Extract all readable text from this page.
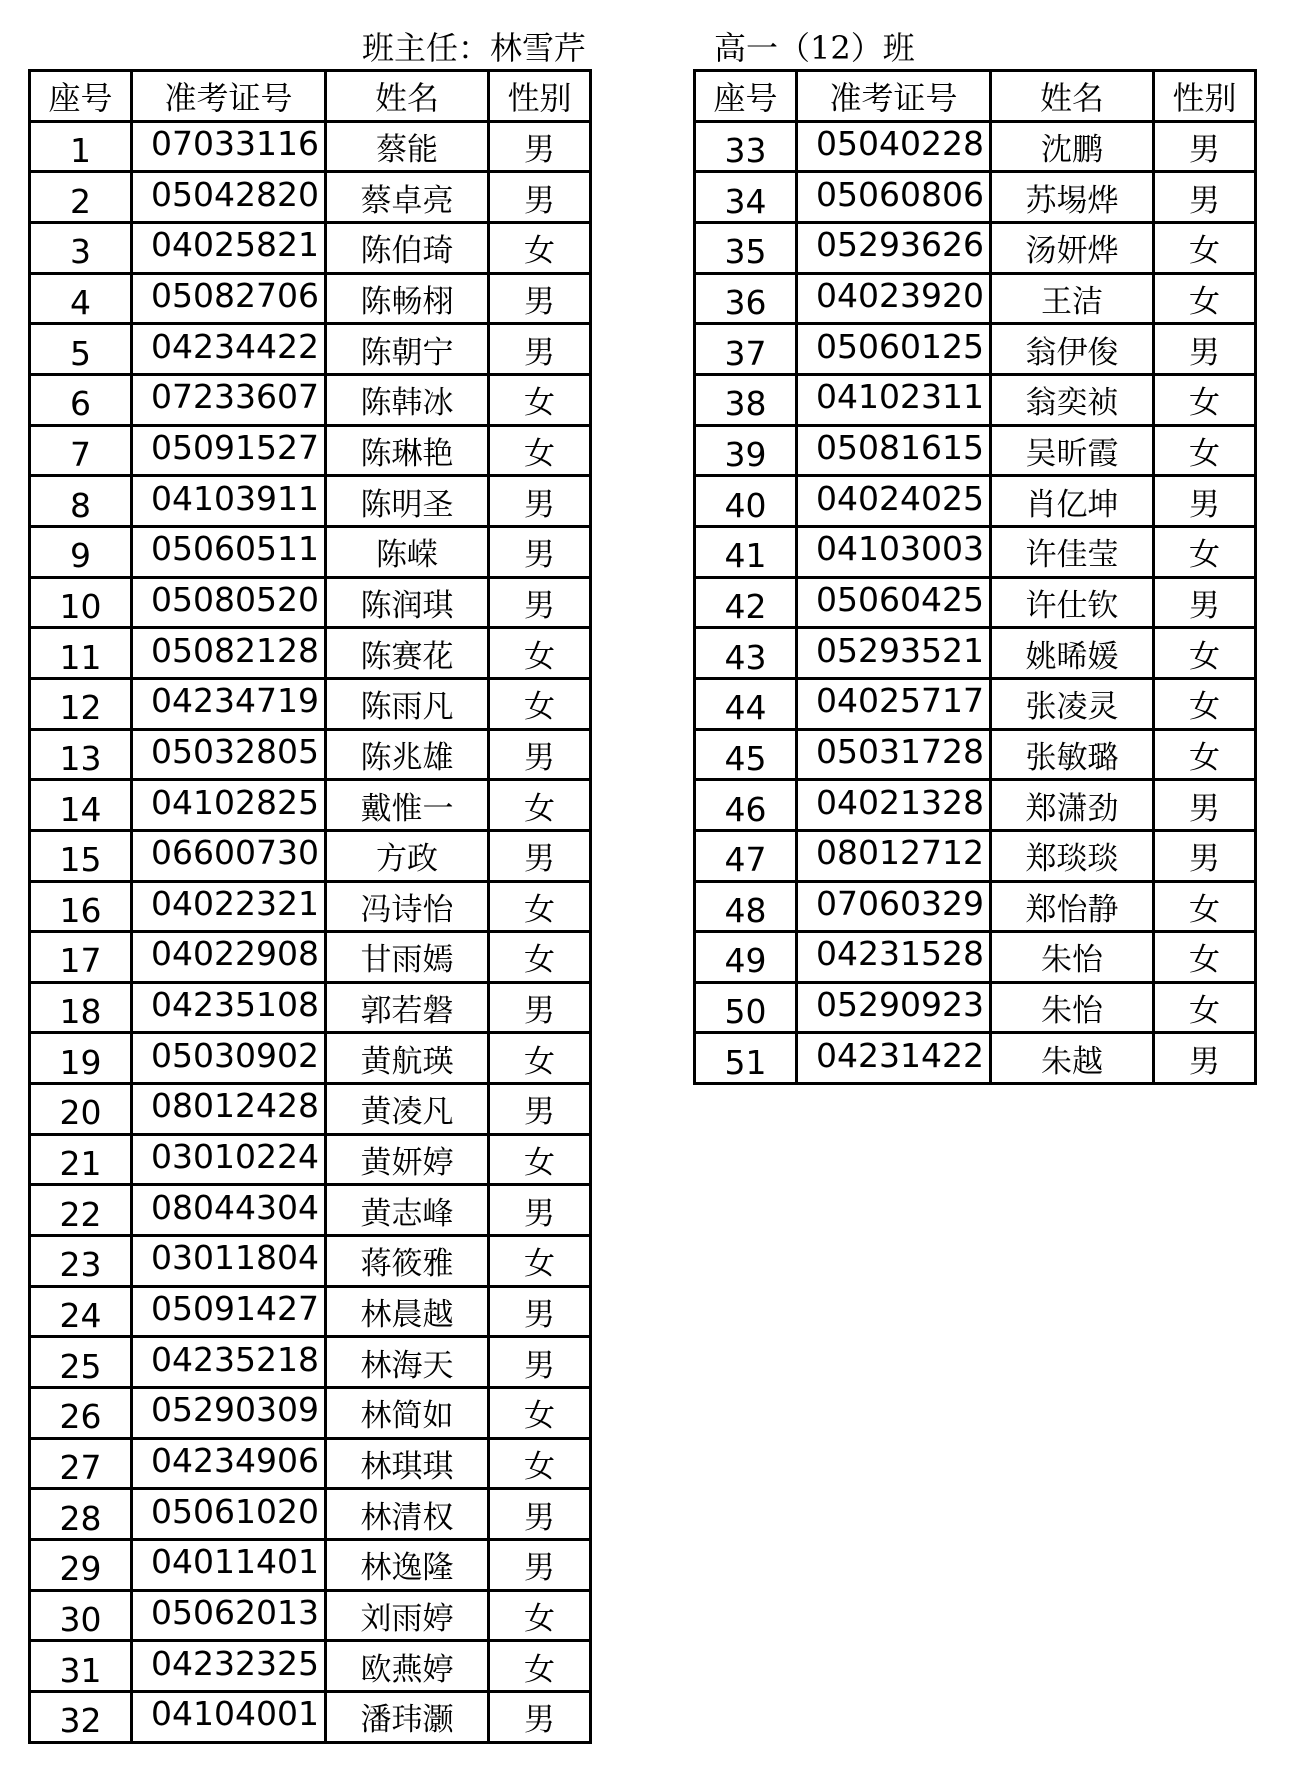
班主任：林雪芹	高一（12）班
座号	准考证号	姓名	性别
1	07033116	蔡能	男
2	05042820	蔡卓亮	男
3	04025821	陈伯琦	女
4	05082706	陈畅栩	男
5	04234422	陈朝宁	男
6	07233607	陈韩冰	女
7	05091527	陈琳艳	女
8	04103911	陈明圣	男
9	05060511	陈嵘	男
10	05080520	陈润琪	男
11	05082128	陈赛花	女
12	04234719	陈雨凡	女
13	05032805	陈兆雄	男
14	04102825	戴惟一	女
15	06600730	方政	男
16	04022321	冯诗怡	女
17	04022908	甘雨嫣	女
18	04235108	郭若磐	男
19	05030902	黄航瑛	女
20	08012428	黄凌凡	男
21	03010224	黄妍婷	女
22	08044304	黄志峰	男
23	03011804	蒋筱雅	女
24	05091427	林晨越	男
25	04235218	林海天	男
26	05290309	林简如	女
27	04234906	林琪琪	女
28	05061020	林清权	男
29	04011401	林逸隆	男
30	05062013	刘雨婷	女
31	04232325	欧燕婷	女
32	04104001	潘玮灏	男
座号	准考证号	姓名	性别
33	05040228	沈鹏	男
34	05060806	苏埸烨	男
35	05293626	汤妍烨	女
36	04023920	王洁	女
37	05060125	翁伊俊	男
38	04102311	翁奕祯	女
39	05081615	吴昕霞	女
40	04024025	肖亿坤	男
41	04103003	许佳莹	女
42	05060425	许仕钦	男
43	05293521	姚晞媛	女
44	04025717	张凌灵	女
45	05031728	张敏璐	女
46	04021328	郑潇劲	男
47	08012712	郑琰琰	男
48	07060329	郑怡静	女
49	04231528	朱怡	女
50	05290923	朱怡	女
51	04231422	朱越	男
